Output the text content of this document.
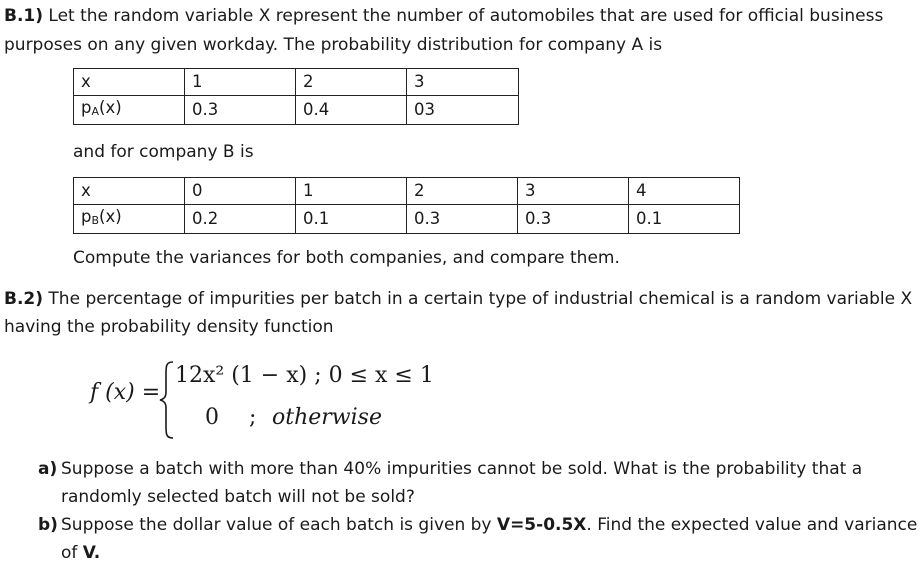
B.1) Let the random variable X represent the number of automobiles that are used for official business
purposes on any given workday. The probability distribution for company A is
x	1	2	3
pA(x)	0.3	0.4	03
and for company B is
x	0	1	2	3	4
pB(x)	0.2	0.1	0.3	0.3	0.1
Compute the variances for both companies, and compare them.
B.2) The percentage of impurities per batch in a certain type of industrial chemical is a random variable X
having the probability density function
f (x) =
12x² (1 − x) ; 0 ≤ x ≤ 1
0 ; otherwise
a) Suppose a batch with more than 40% impurities cannot be sold. What is the probability that a
randomly selected batch will not be sold?
b) Suppose the dollar value of each batch is given by V=5-0.5X. Find the expected value and variance
of V.
